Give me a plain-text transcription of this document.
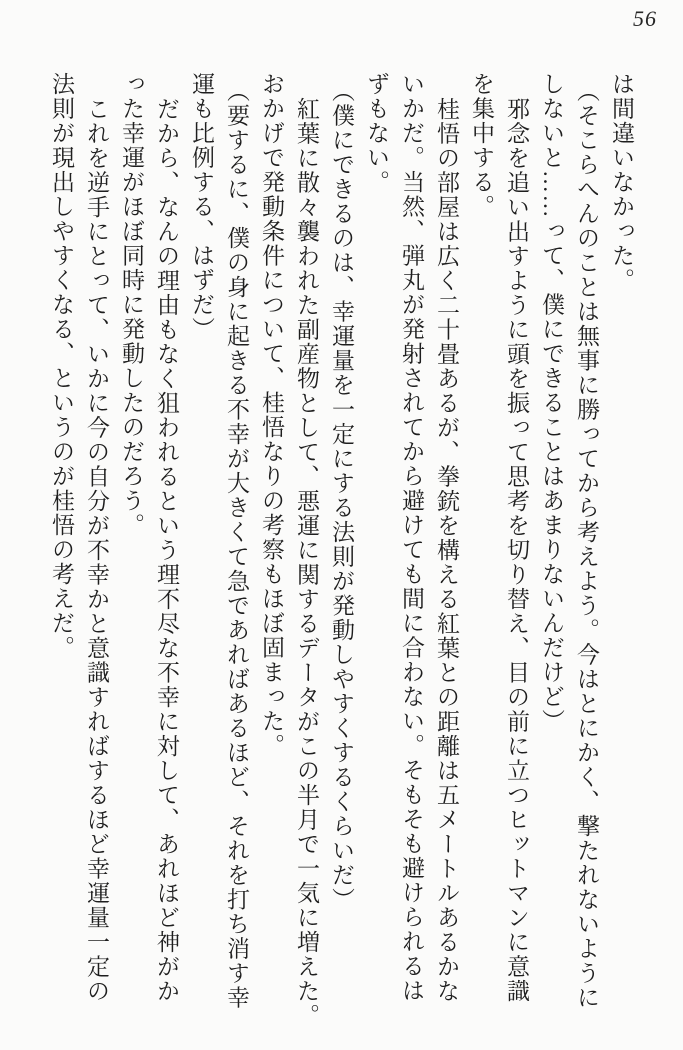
56
は間違いなかった。
（そこらへんのことは無事に勝ってから考えよう。今はとにかく、撃たれないように
しないと……って、僕にできることはあまりないんだけど）
邪念を追い出すように頭を振って思考を切り替え、目の前に立つヒットマンに意識
を集中する。
桂悟の部屋は広く二十畳あるが、拳銃を構える紅葉との距離は五メートルあるかな
いかだ。当然、弾丸が発射されてから避けても間に合わない。そもそも避けられるは
ずもない。
（僕にできるのは、幸運量を一定にする法則が発動しやすくするくらいだ）
紅葉に散々襲われた副産物として、悪運に関するデータがこの半月で一気に増えた。
おかげで発動条件について、桂悟なりの考察もほぼ固まった。
（要するに、僕の身に起きる不幸が大きくて急であればあるほど、それを打ち消す幸
運も比例する、はずだ）
だから、なんの理由もなく狙われるという理不尽な不幸に対して、あれほど神がか
った幸運がほぼ同時に発動したのだろう。
これを逆手にとって、いかに今の自分が不幸かと意識すればするほど幸運量一定の
法則が現出しやすくなる、というのが桂悟の考えだ。
